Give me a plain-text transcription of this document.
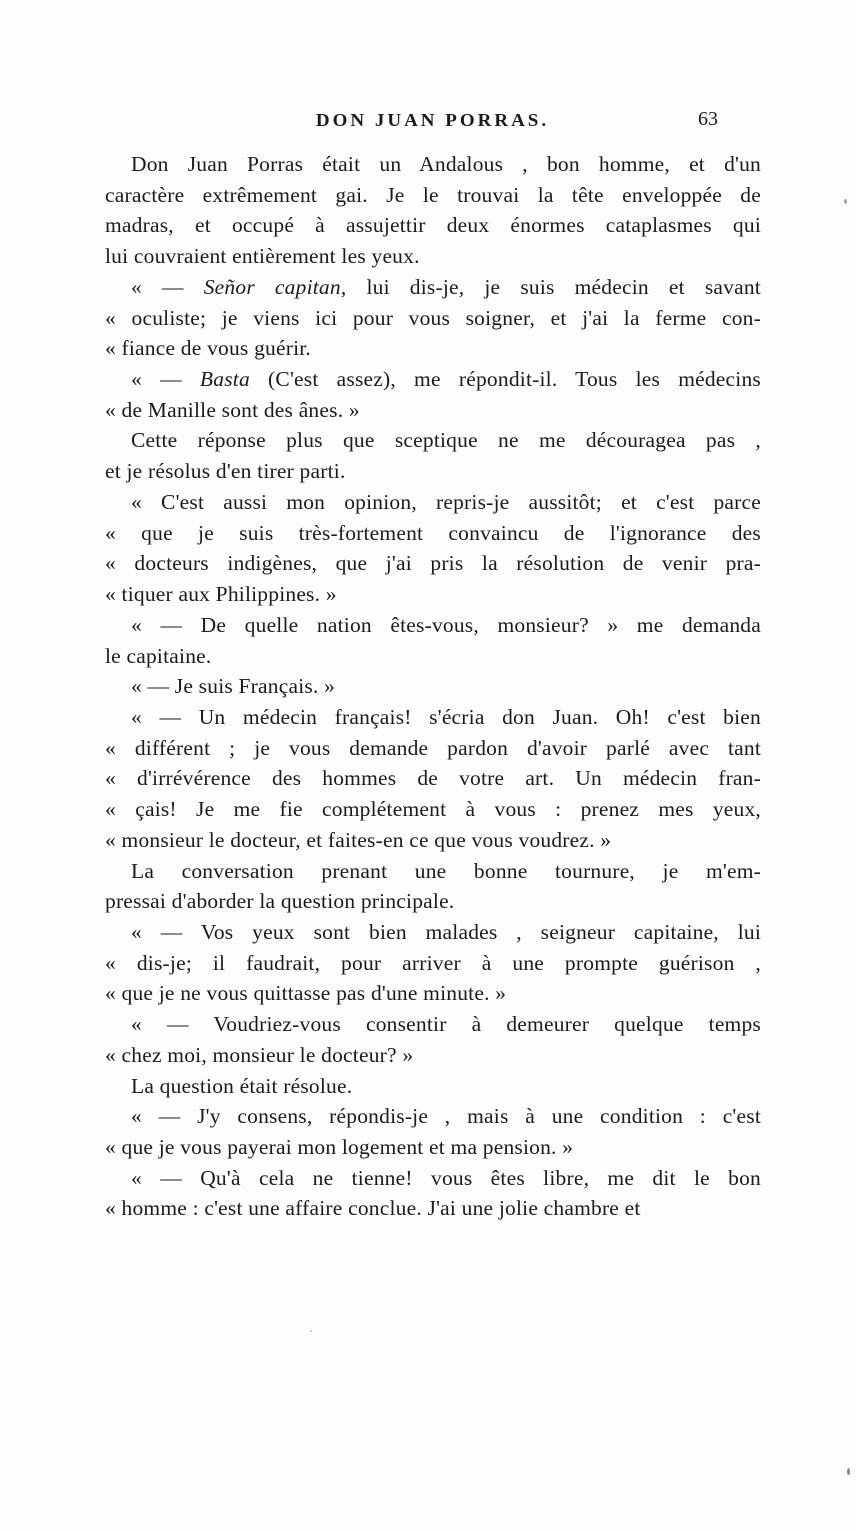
DON JUAN PORRAS.	63
Don Juan Porras était un Andalous , bon homme, et d'un
caractère extrêmement gai. Je le trouvai la tête enveloppée de
madras, et occupé à assujettir deux énormes cataplasmes qui
lui couvraient entièrement les yeux.
« — Señor capitan, lui dis-je, je suis médecin et savant
« oculiste; je viens ici pour vous soigner, et j'ai la ferme con-
« fiance de vous guérir.
« — Basta (C'est assez), me répondit-il. Tous les médecins
« de Manille sont des ânes. »
Cette réponse plus que sceptique ne me découragea pas ,
et je résolus d'en tirer parti.
« C'est aussi mon opinion, repris-je aussitôt; et c'est parce
« que je suis très-fortement convaincu de l'ignorance des
« docteurs indigènes, que j'ai pris la résolution de venir pra-
« tiquer aux Philippines. »
« — De quelle nation êtes-vous, monsieur? » me demanda
le capitaine.
« — Je suis Français. »
« — Un médecin français! s'écria don Juan. Oh! c'est bien
« différent ; je vous demande pardon d'avoir parlé avec tant
« d'irrévérence des hommes de votre art. Un médecin fran-
« çais! Je me fie complétement à vous : prenez mes yeux,
« monsieur le docteur, et faites-en ce que vous voudrez. »
La conversation prenant une bonne tournure, je m'em-
pressai d'aborder la question principale.
« — Vos yeux sont bien malades , seigneur capitaine, lui
« dis-je; il faudrait, pour arriver à une prompte guérison ,
« que je ne vous quittasse pas d'une minute. »
« — Voudriez-vous consentir à demeurer quelque temps
« chez moi, monsieur le docteur? »
La question était résolue.
« — J'y consens, répondis-je , mais à une condition : c'est
« que je vous payerai mon logement et ma pension. »
« — Qu'à cela ne tienne! vous êtes libre, me dit le bon
« homme : c'est une affaire conclue. J'ai une jolie chambre et
